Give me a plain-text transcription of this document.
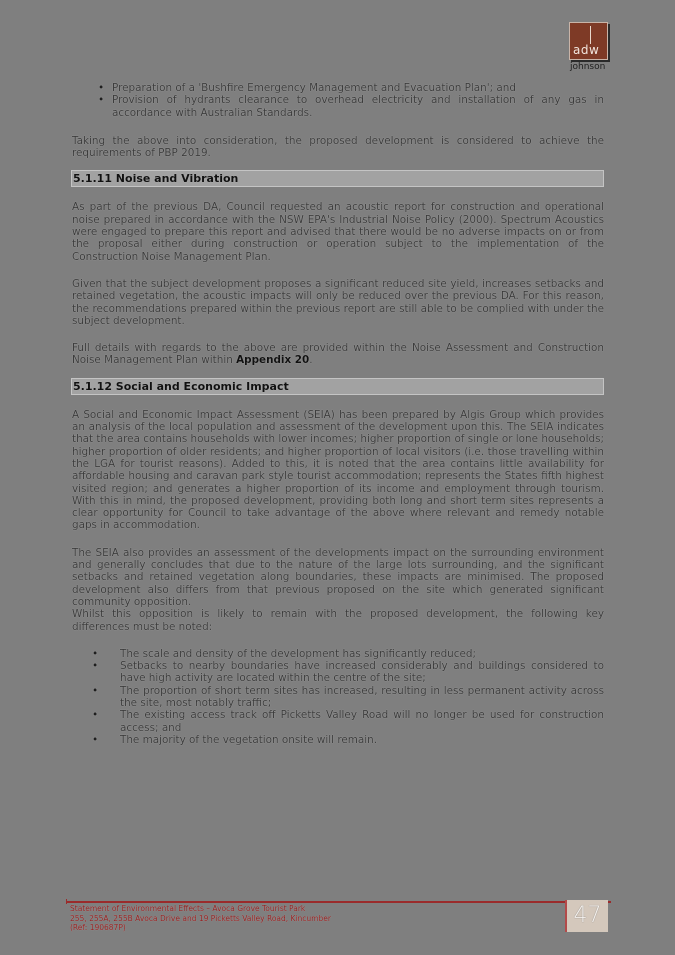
adw
johnson
• Preparation of a 'Bushfire Emergency Management and Evacuation Plan'; and
• Provision of hydrants clearance to overhead electricity and installation of any gas in accordance with Australian Standards.

Taking the above into consideration, the proposed development is considered to achieve the requirements of PBP 2019.

5.1.11 Noise and Vibration

As part of the previous DA, Council requested an acoustic report for construction and operational noise prepared in accordance with the NSW EPA's Industrial Noise Policy (2000). Spectrum Acoustics were engaged to prepare this report and advised that there would be no adverse impacts on or from the proposal either during construction or operation subject to the implementation of the Construction Noise Management Plan.

Given that the subject development proposes a significant reduced site yield, increases setbacks and retained vegetation, the acoustic impacts will only be reduced over the previous DA. For this reason, the recommendations prepared within the previous report are still able to be complied with under the subject development.

Full details with regards to the above are provided within the Noise Assessment and Construction Noise Management Plan within Appendix 20.

5.1.12 Social and Economic Impact

A Social and Economic Impact Assessment (SEIA) has been prepared by Algis Group which provides an analysis of the local population and assessment of the development upon this. The SEIA indicates that the area contains households with lower incomes; higher proportion of single or lone households; higher proportion of older residents; and higher proportion of local visitors (i.e. those travelling within the LGA for tourist reasons). Added to this, it is noted that the area contains little availability for affordable housing and caravan park style tourist accommodation; represents the States fifth highest visited region; and generates a higher proportion of its income and employment through tourism. With this in mind, the proposed development, providing both long and short term sites represents a clear opportunity for Council to take advantage of the above where relevant and remedy notable gaps in accommodation.

The SEIA also provides an assessment of the developments impact on the surrounding environment and generally concludes that due to the nature of the large lots surrounding, and the significant setbacks and retained vegetation along boundaries, these impacts are minimised. The proposed development also differs from that previous proposed on the site which generated significant community opposition.

Whilst this opposition is likely to remain with the proposed development, the following key differences must be noted:

• The scale and density of the development has significantly reduced;
• Setbacks to nearby boundaries have increased considerably and buildings considered to have high activity are located within the centre of the site;
• The proportion of short term sites has increased, resulting in less permanent activity across the site, most notably traffic;
• The existing access track off Picketts Valley Road will no longer be used for construction access; and
• The majority of the vegetation onsite will remain.
Statement of Environmental Effects – Avoca Grove Tourist Park
255, 255A, 255B Avoca Drive and 19 Picketts Valley Road, Kincumber
(Ref: 190687P)	47
